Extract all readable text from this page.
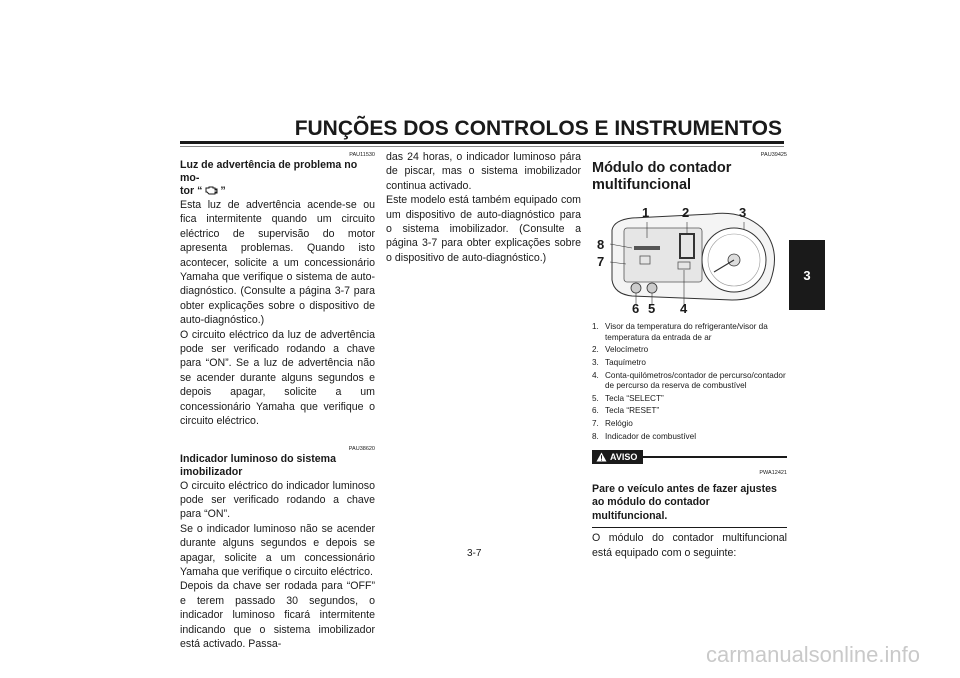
FUNÇÕES DOS CONTROLOS E INSTRUMENTOS
3
PAU11530
Luz de advertência de problema no mo-
tor “ ”

Esta luz de advertência acende-se ou fica intermitente quando um circuito eléctrico de supervisão do motor apresenta problemas. Quando isto acontecer, solicite a um concessionário Yamaha que verifique o sistema de auto-diagnóstico. (Consulte a página 3-7 para obter explicações sobre o dispositivo de auto-diagnóstico.)

O circuito eléctrico da luz de advertência pode ser verificado rodando a chave para “ON”. Se a luz de advertência não se acender durante alguns segundos e depois apagar, solicite a um concessionário Yamaha que verifique o circuito eléctrico.

PAU38620
Indicador luminoso do sistema imobilizador

O circuito eléctrico do indicador luminoso pode ser verificado rodando a chave para “ON”.

Se o indicador luminoso não se acender durante alguns segundos e depois se apagar, solicite a um concessionário Yamaha que verifique o circuito eléctrico.

Depois da chave ser rodada para “OFF” e terem passado 30 segundos, o indicador luminoso ficará intermitente indicando que o sistema imobilizador está activado. Passa-

das 24 horas, o indicador luminoso pára de piscar, mas o sistema imobilizador continua activado.

Este modelo está também equipado com um dispositivo de auto-diagnóstico para o sistema imobilizador. (Consulte a página 3-7 para obter explicações sobre o dispositivo de auto-diagnóstico.)

PAU39425
Módulo do contador multifuncional
1	2	3
8
7
6 5 4
1. Visor da temperatura do refrigerante/visor da temperatura da entrada de ar
2. Velocímetro
3. Taquímetro
4. Conta-quilómetros/contador de percurso/contador de percurso da reserva de combustível
5. Tecla “SELECT”
6. Tecla “RESET”
7. Relógio
8. Indicador de combustível
AVISO
PWA12421
Pare o veículo antes de fazer ajustes ao módulo do contador multifuncional.

O módulo do contador multifuncional está equipado com o seguinte:

3-7
carmanualsonline.info
